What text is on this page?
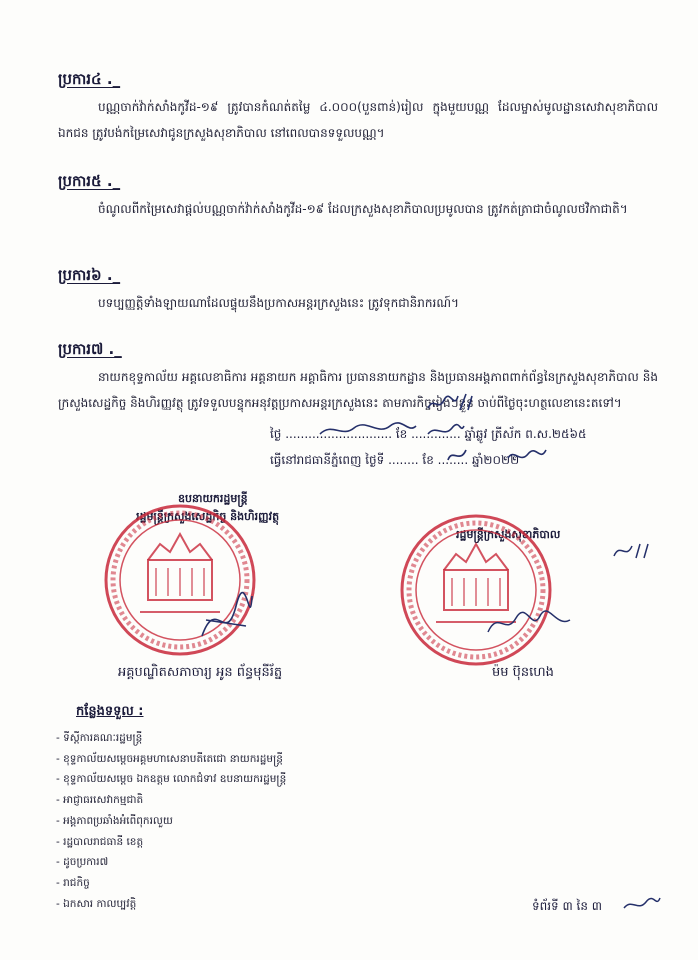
ប្រការ៤ ._
បណ្ណចាក់វ៉ាក់សាំងកូវីដ-១៩ ត្រូវបានកំណត់តម្លៃ ៤.០០០(បួនពាន់)រៀល ក្នុងមួយបណ្ណ ដែលម្ចាស់មូលដ្ឋានសេវាសុខាភិបាលឯកជន ត្រូវបង់កម្រៃសេវាជូនក្រសួងសុខាភិបាល នៅពេលបានទទួលបណ្ណ។
ប្រការ៥ ._
ចំណូលពីកម្រៃសេវាផ្តល់បណ្ណចាក់វ៉ាក់សាំងកូវីដ-១៩ ដែលក្រសួងសុខាភិបាលប្រមូលបាន ត្រូវកត់ត្រាជាចំណូលថវិកាជាតិ។
ប្រការ៦ ._
បទប្បញ្ញត្តិទាំងឡាយណាដែលផ្ទុយនឹងប្រកាសអន្តរក្រសួងនេះ ត្រូវទុកជានិរាករណ៍។
ប្រការ៧ ._
នាយកខុទ្ទកាល័យ អគ្គលេខាធិការ អគ្គនាយក អគ្គាធិការ ប្រធាននាយកដ្ឋាន និងប្រធានអង្គភាពពាក់ព័ន្ធនៃក្រសួងសុខាភិបាល និងក្រសួងសេដ្ឋកិច្ច និងហិរញ្ញវត្ថុ ត្រូវទទួលបន្ទុកអនុវត្តប្រកាសអន្តរក្រសួងនេះ តាមភារកិច្ចរៀងៗខ្លួន ចាប់ពីថ្ងៃចុះហត្ថលេខានេះតទៅ។
ថ្ងៃ ............................ ខែ ............. ឆ្នាំឆ្លូវ ត្រីស័ក ព.ស.២៥៦៥
ធ្វើនៅរាជធានីភ្នំពេញ ថ្ងៃទី ........ ខែ ........ ឆ្នាំ២០២២
ឧបនាយករដ្ឋមន្ត្រី
រដ្ឋមន្ត្រីក្រសួងសេដ្ឋកិច្ច និងហិរញ្ញវត្ថុ
អគ្គបណ្ឌិតសភាចារ្យ អូន ព័ន្ធមុនីរ័ត្ន
រដ្ឋមន្ត្រីក្រសួងសុខាភិបាល
ម៉ម ប៊ុនហេង
កន្លែងទទួល :
- ទីស្តីការគណៈរដ្ឋមន្ត្រី
- ខុទ្ទកាល័យសម្តេចអគ្គមហាសេនាបតីតេជោ នាយករដ្ឋមន្ត្រី
- ខុទ្ទកាល័យសម្តេច ឯកឧត្តម លោកជំទាវ ឧបនាយករដ្ឋមន្ត្រី
- អាជ្ញាធរសេវាកម្មជាតិ
- អង្គភាពប្រឆាំងអំពើពុករលួយ
- រដ្ឋបាលរាជធានី ខេត្ត
- ដូចប្រការ៧
- រាជកិច្ច
- ឯកសារ កាលប្បវត្តិ	ទំព័រទី ៣ នៃ ៣
